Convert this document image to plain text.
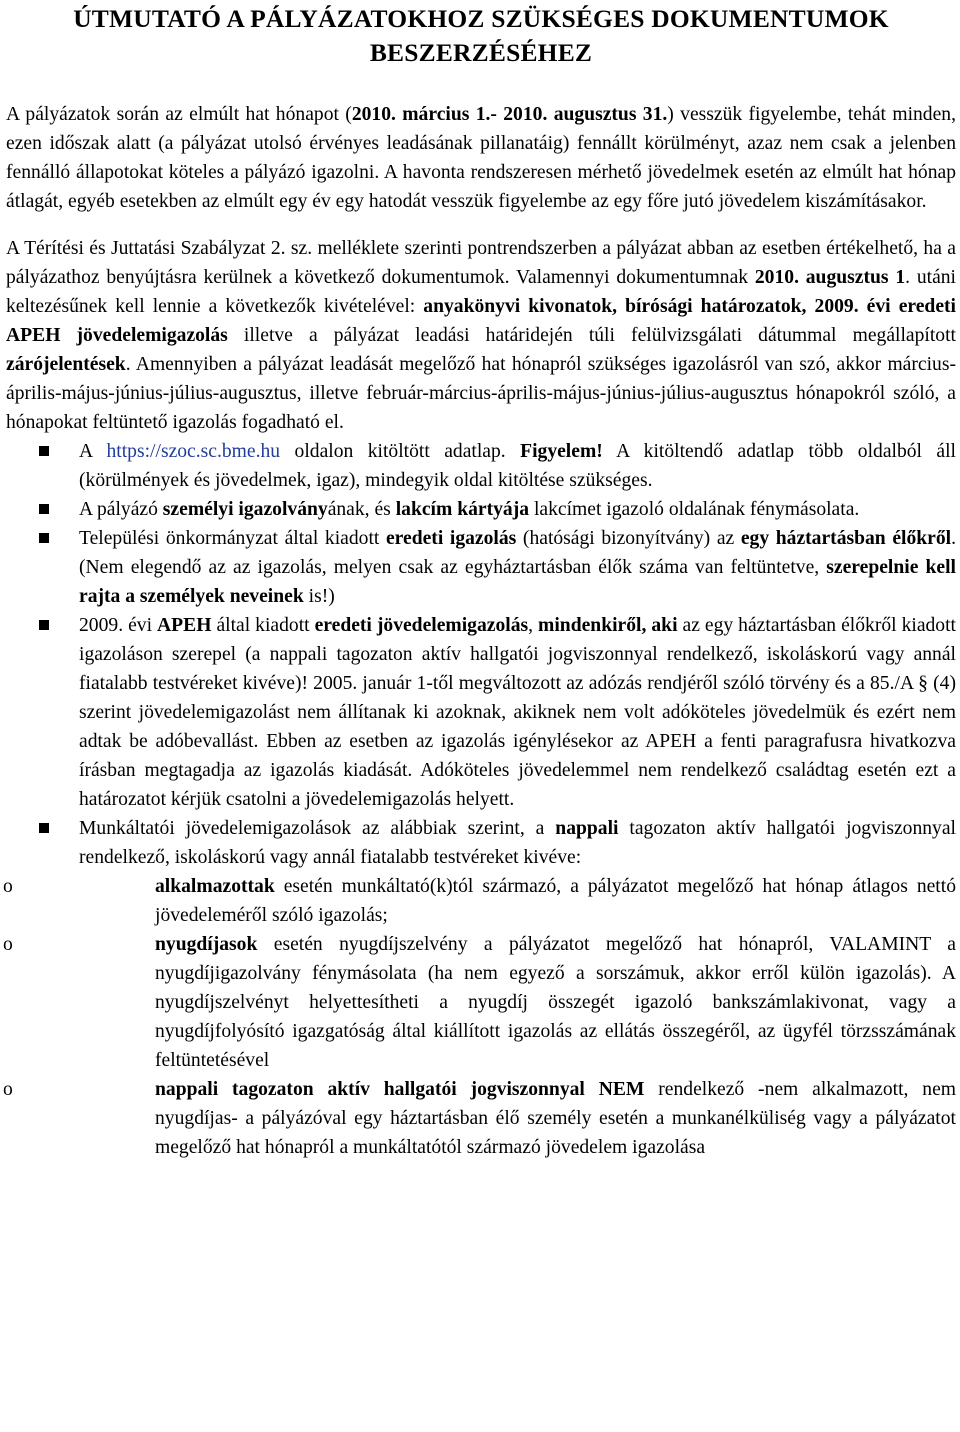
ÚTMUTATÓ A PÁLYÁZATOKHOZ SZÜKSÉGES DOKUMENTUMOK BESZERZÉSÉHEZ

A pályázatok során az elmúlt hat hónapot (2010. március 1.- 2010. augusztus 31.) vesszük figyelembe, tehát minden, ezen időszak alatt (a pályázat utolsó érvényes leadásának pillanatáig) fennállt körülményt, azaz nem csak a jelenben fennálló állapotokat köteles a pályázó igazolni. A havonta rendszeresen mérhető jövedelmek esetén az elmúlt hat hónap átlagát, egyéb esetekben az elmúlt egy év egy hatodát vesszük figyelembe az egy főre jutó jövedelem kiszámításakor.

A Térítési és Juttatási Szabályzat 2. sz. melléklete szerinti pontrendszerben a pályázat abban az esetben értékelhető, ha a pályázathoz benyújtásra kerülnek a következő dokumentumok. Valamennyi dokumentumnak 2010. augusztus 1. utáni keltezésűnek kell lennie a következők kivételével: anyakönyvi kivonatok, bírósági határozatok, 2009. évi eredeti APEH jövedelemigazolás illetve a pályázat leadási határidején túli felülvizsgálati dátummal megállapított zárójelentések. Amennyiben a pályázat leadását megelőző hat hónapról szükséges igazolásról van szó, akkor március-április-május-június-július-augusztus, illetve február-március-április-május-június-július-augusztus hónapokról szóló, a hónapokat feltüntető igazolás fogadható el.

A https://szoc.sc.bme.hu oldalon kitöltött adatlap. Figyelem! A kitöltendő adatlap több oldalból áll (körülmények és jövedelmek, igaz), mindegyik oldal kitöltése szükséges.
A pályázó személyi igazolványának, és lakcím kártyája lakcímet igazoló oldalának fénymásolata.
Települési önkormányzat által kiadott eredeti igazolás (hatósági bizonyítvány) az egy háztartásban élőkről. (Nem elegendő az az igazolás, melyen csak az egyháztartásban élők száma van feltüntetve, szerepelnie kell rajta a személyek neveinek is!)
2009. évi APEH által kiadott eredeti jövedelemigazolás, mindenkiről, aki az egy háztartásban élőkről kiadott igazoláson szerepel (a nappali tagozaton aktív hallgatói jogviszonnyal rendelkező, iskoláskorú vagy annál fiatalabb testvéreket kivéve)! 2005. január 1-től megváltozott az adózás rendjéről szóló törvény és a 85./A § (4) szerint jövedelemigazolást nem állítanak ki azoknak, akiknek nem volt adóköteles jövedelmük és ezért nem adtak be adóbevallást. Ebben az esetben az igazolás igénylésekor az APEH a fenti paragrafusra hivatkozva írásban megtagadja az igazolás kiadását. Adóköteles jövedelemmel nem rendelkező családtag esetén ezt a határozatot kérjük csatolni a jövedelemigazolás helyett.
Munkáltatói jövedelemigazolások az alábbiak szerint, a nappali tagozaton aktív hallgatói jogviszonnyal rendelkező, iskoláskorú vagy annál fiatalabb testvéreket kivéve:
o	alkalmazottak esetén munkáltató(k)tól származó, a pályázatot megelőző hat hónap átlagos nettó jövedeleméről szóló igazolás;
o	nyugdíjasok esetén nyugdíjszelvény a pályázatot megelőző hat hónapról, VALAMINT a nyugdíjigazolvány fénymásolata (ha nem egyező a sorszámuk, akkor erről külön igazolás). A nyugdíjszelvényt helyettesítheti a nyugdíj összegét igazoló bankszámlakivonat, vagy a nyugdíjfolyósító igazgatóság által kiállított igazolás az ellátás összegéről, az ügyfél törzsszámának feltüntetésével
o	nappali tagozaton aktív hallgatói jogviszonnyal NEM rendelkező -nem alkalmazott, nem nyugdíjas- a pályázóval egy háztartásban élő személy esetén a munkanélküliség vagy a pályázatot megelőző hat hónapról a munkáltatótól származó jövedelem igazolása
